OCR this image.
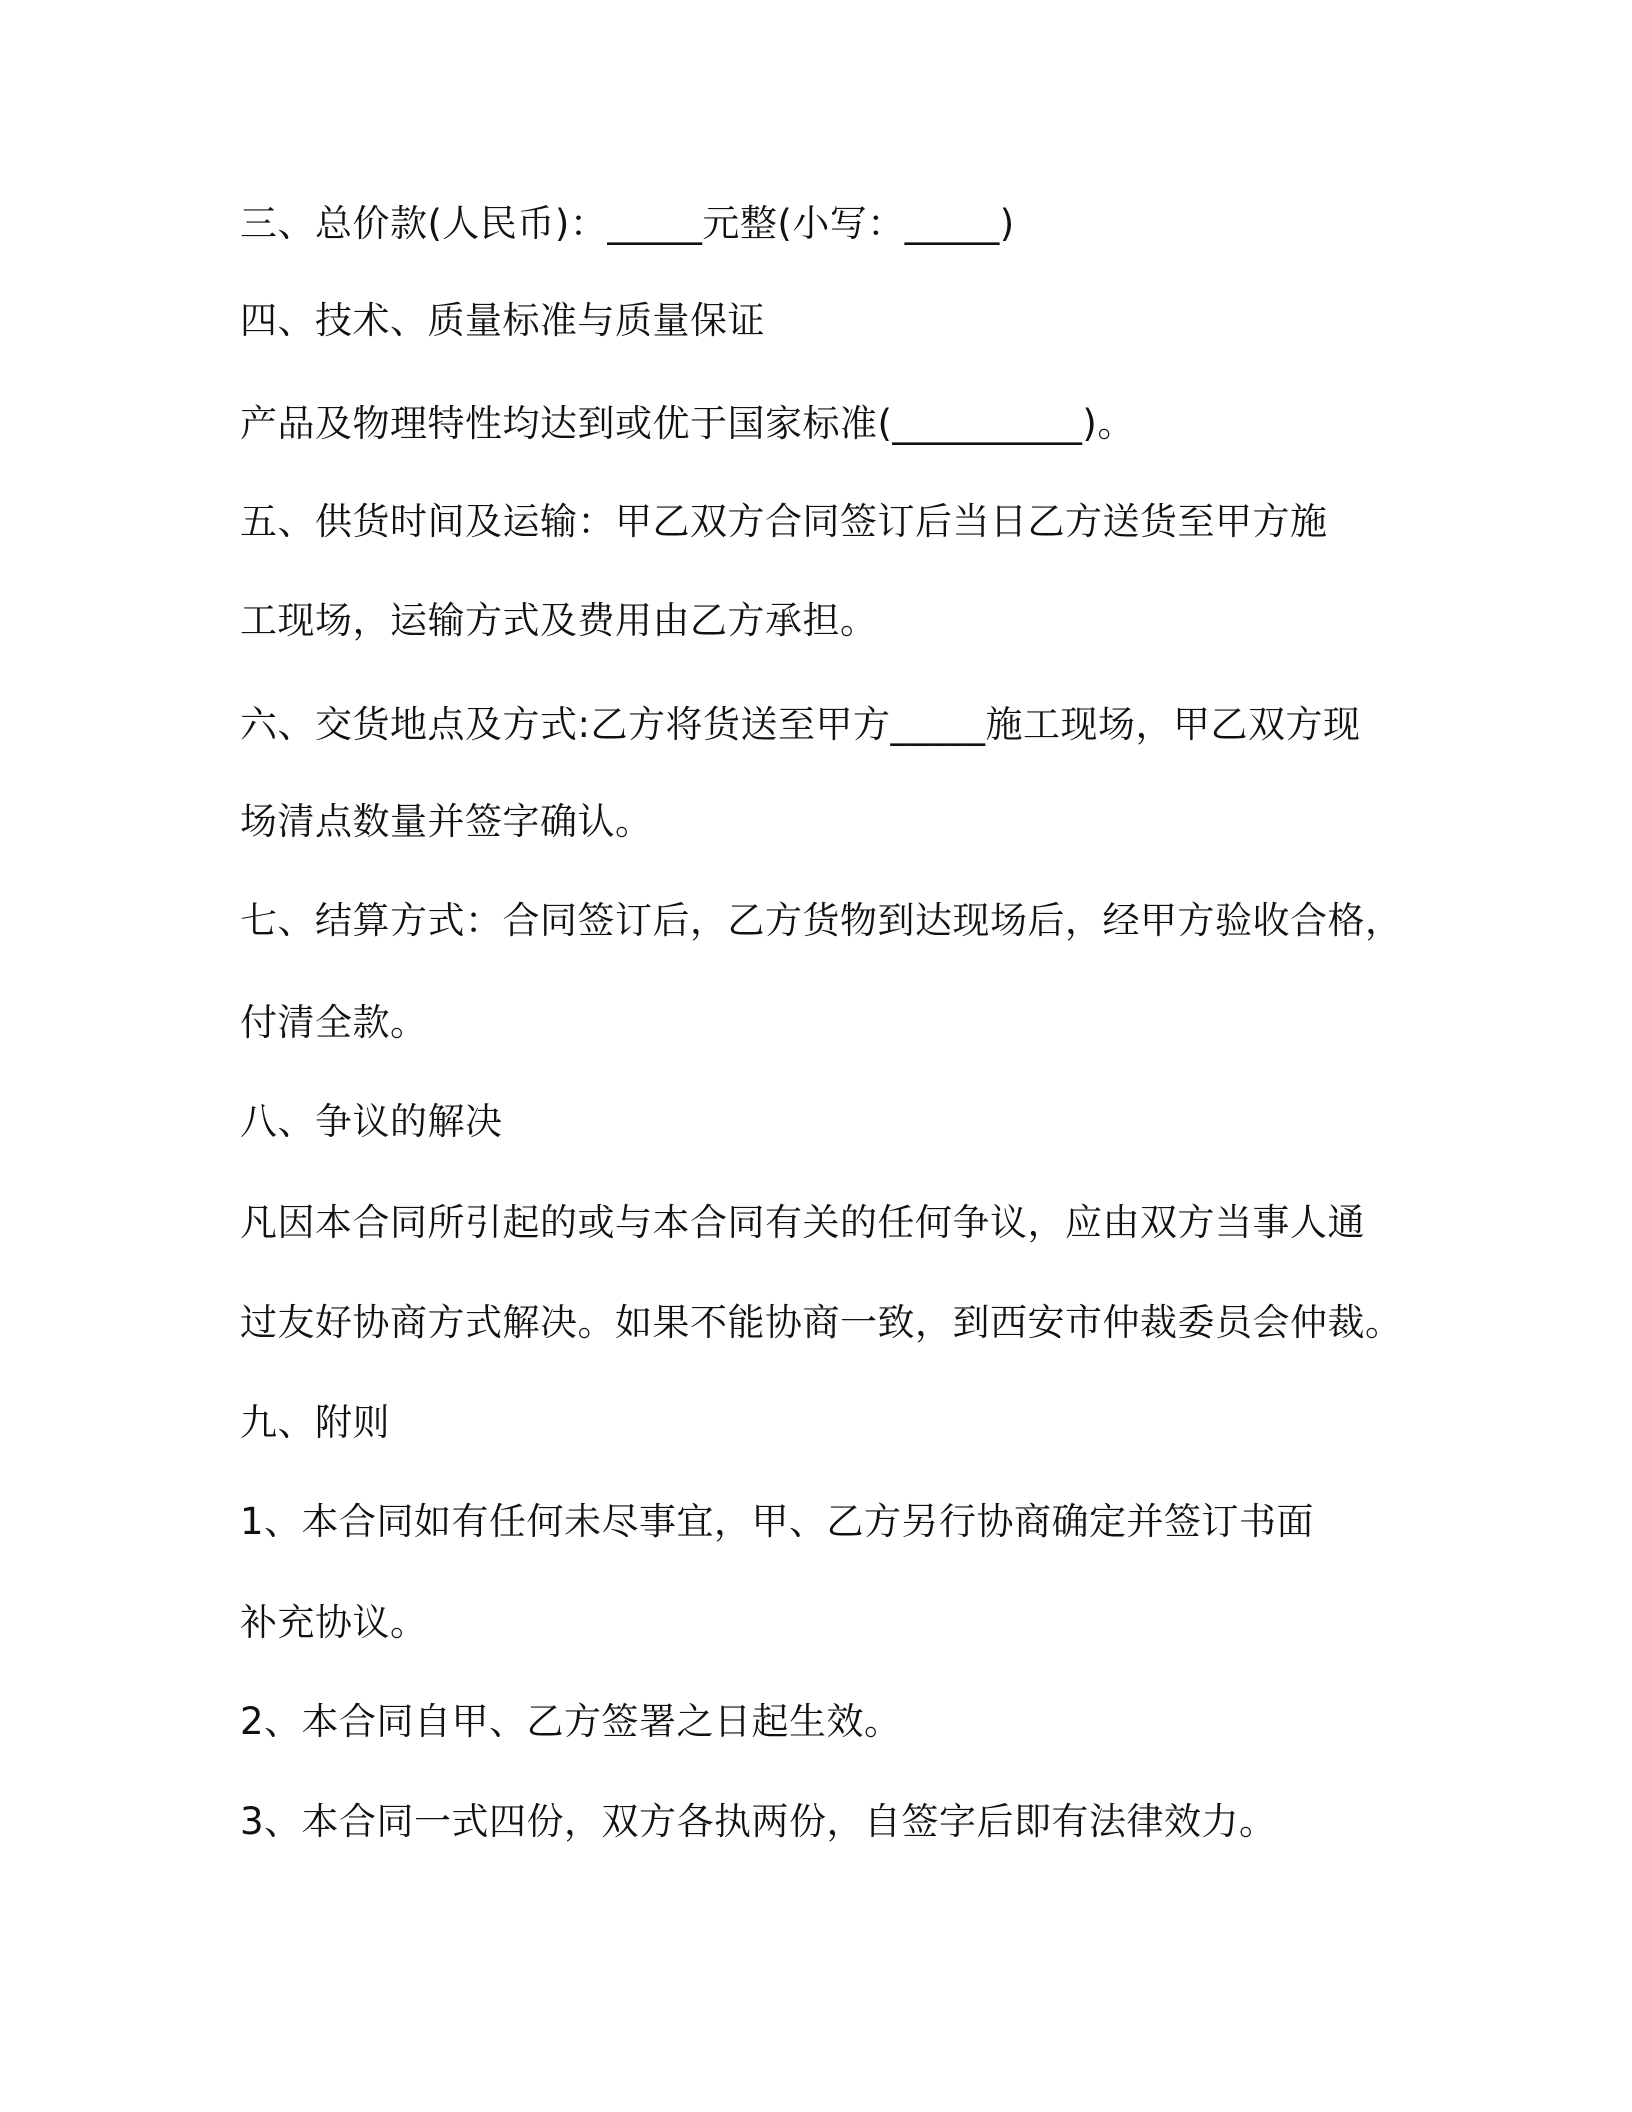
三、总价款(人民币)：_____元整(小写：_____)
四、技术、质量标准与质量保证
产品及物理特性均达到或优于国家标准(__________)。
五、供货时间及运输：甲乙双方合同签订后当日乙方送货至甲方施
工现场，运输方式及费用由乙方承担。
六、交货地点及方式:乙方将货送至甲方_____施工现场，甲乙双方现
场清点数量并签字确认。
七、结算方式：合同签订后，乙方货物到达现场后，经甲方验收合格，
付清全款。
八、争议的解决
凡因本合同所引起的或与本合同有关的任何争议，应由双方当事人通
过友好协商方式解决。如果不能协商一致，到西安市仲裁委员会仲裁。
九、附则
1、本合同如有任何未尽事宜，甲、乙方另行协商确定并签订书面
补充协议。
2、本合同自甲、乙方签署之日起生效。
3、本合同一式四份，双方各执两份，自签字后即有法律效力。
